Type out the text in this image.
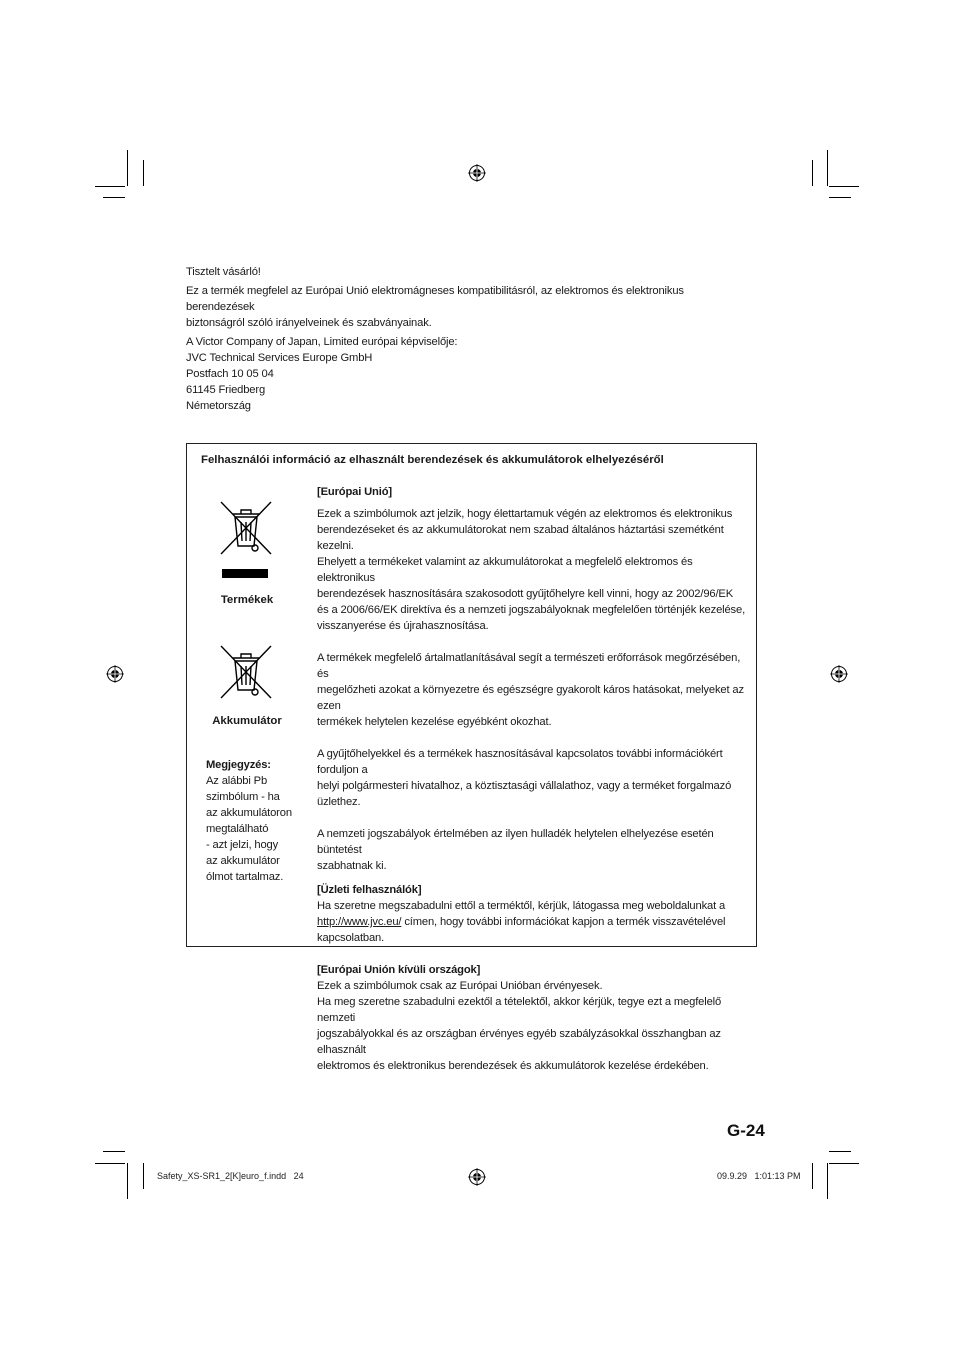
Tisztelt vásárló!

Ez a termék megfelel az Európai Unió elektromágneses kompatibilitásról, az elektromos és elektronikus berendezések

biztonságról szóló irányelveinek és szabványainak.

A Victor Company of Japan, Limited európai képviselője:

JVC Technical Services Europe GmbH

Postfach 10 05 04

61145 Friedberg

Németország

Felhasználói információ az elhasznált berendezések és akkumulátorok elhelyezéséről
Termékek
Akkumulátor

Megjegyzés:

Az alábbi Pb

szimbólum - ha

az akkumulátoron

megtalálható

- azt jelzi, hogy

az akkumulátor

ólmot tartalmaz.

[Európai Unió]

Ezek a szimbólumok azt jelzik, hogy élettartamuk végén az elektromos és elektronikus

berendezéseket és az akkumulátorokat nem szabad általános háztartási szemétként kezelni.

Ehelyett a termékeket valamint az akkumulátorokat a megfelelő elektromos és elektronikus

berendezések hasznosítására szakosodott gyűjtőhelyre kell vinni, hogy az 2002/96/EK

és a 2006/66/EK direktíva és a nemzeti jogszabályoknak megfelelően történjék kezelése,

visszanyerése és újrahasznosítása.

A termékek megfelelő ártalmatlanításával segít a természeti erőforrások megőrzésében, és

megelőzheti azokat a környezetre és egészségre gyakorolt káros hatásokat, melyeket az ezen

termékek helytelen kezelése egyébként okozhat.

A gyűjtőhelyekkel és a termékek hasznosításával kapcsolatos további információkért forduljon a

helyi polgármesteri hivatalhoz, a köztisztasági vállalathoz, vagy a terméket forgalmazó üzlethez.

A nemzeti jogszabályok értelmében az ilyen hulladék helytelen elhelyezése esetén büntetést

szabhatnak ki.

[Üzleti felhasználók]

Ha szeretne megszabadulni ettől a terméktől, kérjük, látogassa meg weboldalunkat a

http://www.jvc.eu/ címen, hogy további információkat kapjon a termék visszavételével

kapcsolatban.

[Európai Unión kívüli országok]

Ezek a szimbólumok csak az Európai Unióban érvényesek.

Ha meg szeretne szabadulni ezektől a tételektől, akkor kérjük, tegye ezt a megfelelő nemzeti

jogszabályokkal és az országban érvényes egyéb szabályzásokkal összhangban az elhasznált

elektromos és elektronikus berendezések és akkumulátorok kezelése érdekében.

G-24
Safety_XS-SR1_2[K]euro_f.indd   24	09.9.29   1:01:13 PM
